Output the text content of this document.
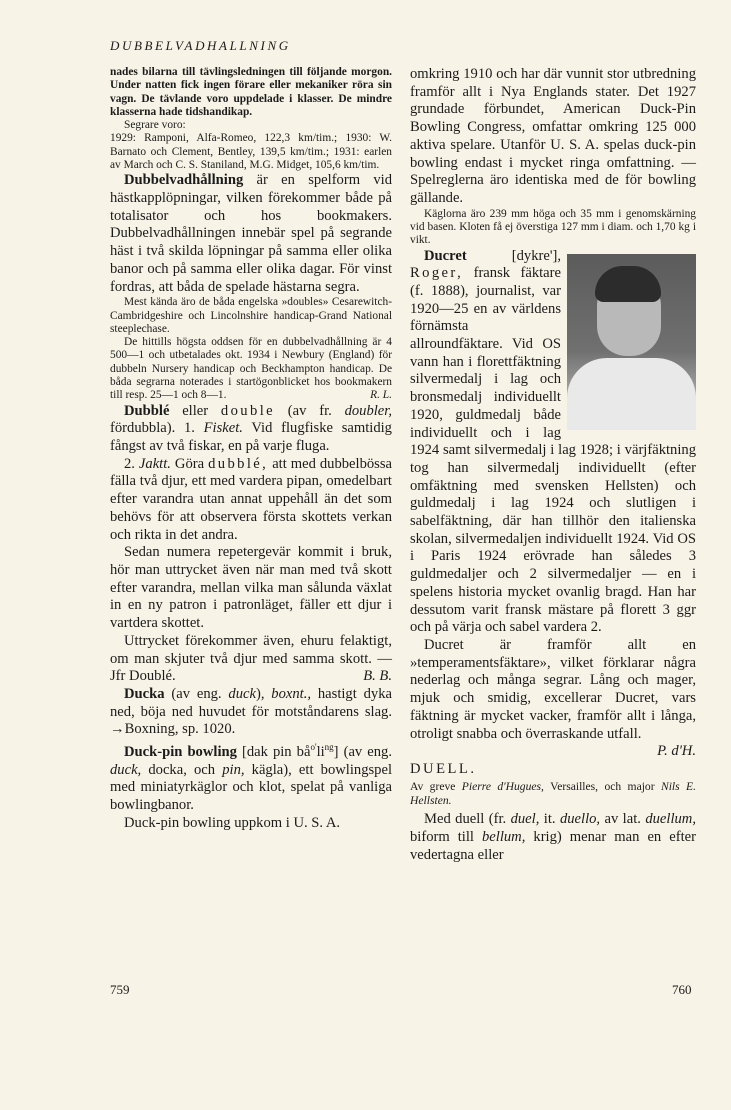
DUBBELVADHALLNING

nades bilarna till tävlingsledningen till följande morgon. Under natten fick ingen förare eller mekaniker röra sin vagn. De tävlande voro uppdelade i klasser. De mindre klasserna hade tidshandikap.

Segrare voro:

1929: Ramponi, Alfa-Romeo, 122,3 km/tim.; 1930: W. Barnato och Clement, Bentley, 139,5 km/tim.; 1931: earlen av March och C. S. Staniland, M.G. Midget, 105,6 km/tim.

Dubbelvadhållning är en spelform vid hästkapplöpningar, vilken förekommer både på totalisator och hos bookmakers. Dubbelvadhållningen innebär spel på segrande häst i två skilda löpningar på samma eller olika banor och på samma eller olika dagar. För vinst fordras, att båda de spelade hästarna segra.

Mest kända äro de båda engelska »doubles» Cesarewitch-Cambridgeshire och Lincolnshire handicap-Grand National steeplechase.

De hittills högsta oddsen för en dubbelvadhållning är 4 500—1 och utbetalades okt. 1934 i Newbury (England) för dubbeln Nursery handicap och Beckhampton handicap. De båda segrarna noterades i startögonblicket hos bookmakern till resp. 25—1 och 8—1.	R. L.

Dubblé eller double (av fr. doubler, fördubbla). 1. Fisket. Vid flugfiske samtidig fångst av två fiskar, en på varje fluga.

2. Jaktt. Göra dubblé, att med dubbelbössa fälla två djur, ett med vardera pipan, omedelbart efter varandra utan annat uppehåll än det som behövs för att observera första skottets verkan och rikta in det andra.

Sedan numera repetergevär kommit i bruk, hör man uttrycket även när man med två skott efter varandra, mellan vilka man sålunda växlat in en ny patron i patronläget, fäller ett djur i vartdera skottet.

Uttrycket förekommer även, ehuru felaktigt, om man skjuter två djur med samma skott. — Jfr Doublé.	B. B.

Ducka (av eng. duck), boxnt., hastigt dyka ned, böja ned huvudet för motståndarens slag. →Boxning, sp. 1020.

Duck-pin bowling [dak pin $bå^{o'}li^{ng}$] (av eng. duck, docka, och pin, kägla), ett bowlingspel med miniatyrkäglor och klot, spelat på vanliga bowlingbanor.

Duck-pin bowling uppkom i U. S. A.

omkring 1910 och har där vunnit stor utbredning framför allt i Nya Englands stater. Det 1927 grundade förbundet, American Duck-Pin Bowling Congress, omfattar omkring 125 000 aktiva spelare. Utanför U. S. A. spelas duck-pin bowling endast i mycket ringa omfattning. — Spelreglerna äro identiska med de för bowling gällande.

Käglorna äro 239 mm höga och 35 mm i genomskärning vid basen. Kloten få ej överstiga 127 mm i diam. och 1,70 kg i vikt.

Ducret [dykre'], Roger, fransk fäktare (f. 1888), journalist, var 1920—25 en av världens förnämsta allroundfäktare. Vid OS vann han i florettfäktning silvermedalj i lag och bronsmedalj individuellt 1920, guldmedalj både individuellt och i lag 1924 samt silvermedalj i lag 1928; i värjfäktning tog han silvermedalj individuellt (efter omfäktning med svensken Hellsten) och guldmedalj i lag 1924 och slutligen i sabelfäktning, där han tillhör den italienska skolan, silvermedaljen individuellt 1924. Vid OS i Paris 1924 erövrade han således 3 guldmedaljer och 2 silvermedaljer — en i spelens historia mycket ovanlig bragd. Han har dessutom varit fransk mästare på florett 3 ggr och på värja och sabel vardera 2.

Ducret är framför allt en »temperamentsfäktare», vilket förklarar några nederlag och många segrar. Lång och mager, mjuk och smidig, excellerar Ducret, vars fäktning är mycket vacker, framför allt i långa, otroligt snabba och överraskande utfall.
P. d'H.

DUELL.

Av greve Pierre d'Hugues, Versailles, och major Nils E. Hellsten.

Med duell (fr. duel, it. duello, av lat. duellum, biform till bellum, krig) menar man en efter vedertagna eller

759	760
